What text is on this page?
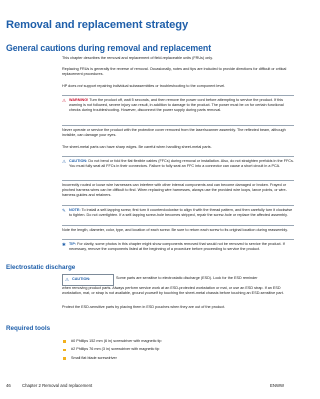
Removal and replacement strategy
General cautions during removal and replacement

This chapter describes the removal and replacement of field-replaceable units (FRUs) only.

Replacing FRUs is generally the reverse of removal. Occasionally, notes and tips are included to provide directions for difficult or critical replacement procedures.

HP does not support repairing individual subassemblies or troubleshooting to the component level.

⚠ WARNING! Turn the product off, wait 5 seconds, and then remove the power cord before attempting to service the product. If this warning is not followed, severe injury can result, in addition to damage to the product. The power must be on for certain functional checks during troubleshooting. However, disconnect the power supply during parts removal.

Never operate or service the product with the protective cover removed from the laser/scanner assembly. The reflected beam, although invisible, can damage your eyes.

The sheet-metal parts can have sharp edges. Be careful when handling sheet-metal parts.

⚠ CAUTION: Do not bend or fold the flat flexible cables (FFCs) during removal or installation. Also, do not straighten prefolds in the FFCs. You must fully seat all FFCs in their connectors. Failure to fully seat an FFC into a connector can cause a short circuit in a PCA.

Incorrectly routed or loose wire harnesses can interfere with other internal components and can become damaged or broken. Frayed or pinched harness wires can be difficult to find. When replacing wire harnesses, always use the provided wire loops, lance points, or wire-harness guides and retainers.

✎ NOTE: To install a self-tapping screw, first turn it counterclockwise to align it with the thread pattern, and then carefully turn it clockwise to tighten. Do not overtighten. If a self-tapping screw-hole becomes stripped, repair the screw-hole or replace the affected assembly.

Note the length, diameter, color, type, and location of each screw. Be sure to return each screw to its original location during reassembly.

✱ TIP: For clarity, some photos in this chapter might show components removed that would not be removed to service the product. If necessary, remove the components listed at the beginning of a procedure before proceeding to service the product.
Electrostatic discharge
⚠ CAUTION:	Some parts are sensitive to electrostatic discharge (ESD). Look for the ESD reminder

when removing product parts. Always perform service work at an ESD-protected workstation or mat, or use an ESD strap. If an ESD workstation, mat, or strap is not available, ground yourself by touching the sheet-metal chassis before touching an ESD-sensitive part.

Protect the ESD-sensitive parts by placing them in ESD pouches when they are out of the product.

Required tools
#0 Phillips 152 mm (6 in) screwdriver with magnetic tip
#2 Phillips 76 mm (3 in) screwdriver with magnetic tip
Small flat blade screwdriver
46	Chapter 2 Removal and replacement	ENWW
